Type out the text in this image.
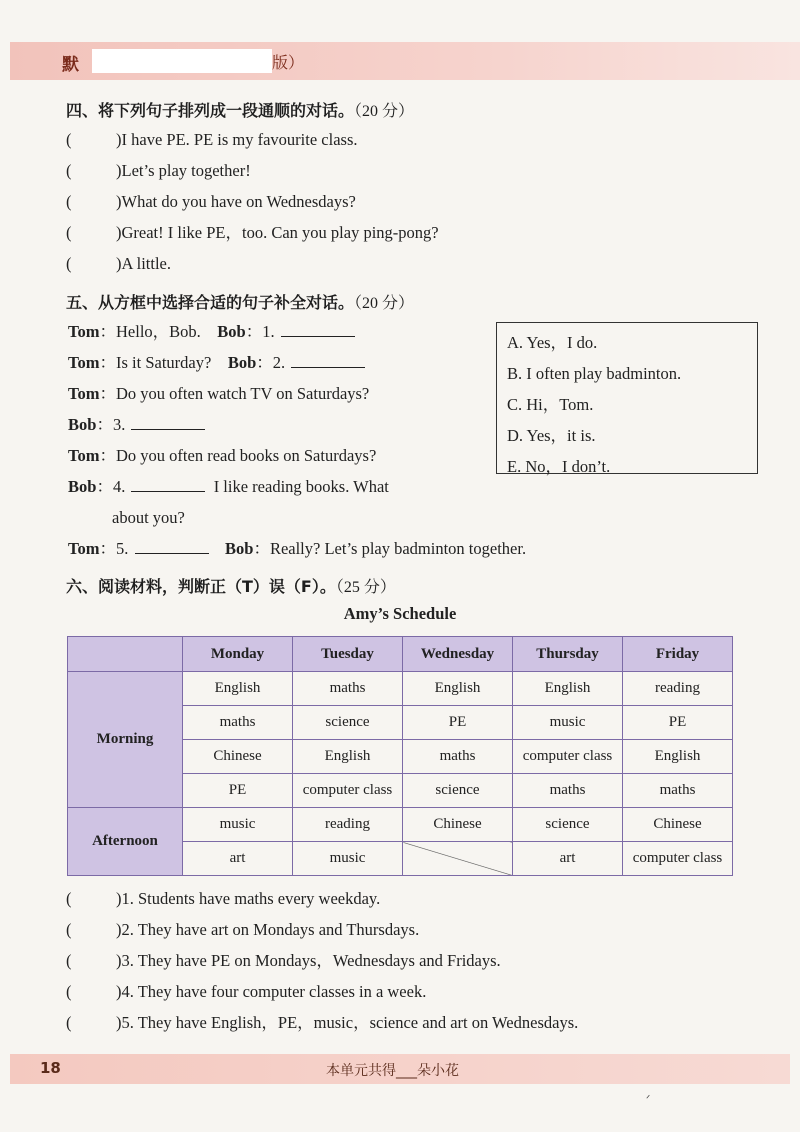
默	版）
四、将下列句子排列成一段通顺的对话。（20 分）
(	)I have PE. PE is my favourite class.
(	)Let’s play together!
(	)What do you have on Wednesdays?
(	)Great! I like PE，too. Can you play ping-pong?
(	)A little.
五、从方框中选择合适的句子补全对话。（20 分）
Tom：Hello，Bob. Bob：1.
Tom：Is it Saturday? Bob：2.
Tom：Do you often watch TV on Saturdays?
Bob：3.
Tom：Do you often read books on Saturdays?
Bob：4.	I like reading books. What
about you?
Tom：5.	Bob：Really? Let’s play badminton together.
A. Yes，I do.
B. I often play badminton.
C. Hi，Tom.
D. Yes，it is.
E. No，I don’t.
六、阅读材料，判断正（T）误（F）。（25 分）
Amy’s Schedule
	Monday	Tuesday	Wednesday	Thursday	Friday
Morning	English	maths	English	English	reading
	maths	science	PE	music	PE
	Chinese	English	maths	computer class	English
	PE	computer class	science	maths	maths
Afternoon	music	reading	Chinese	science	Chinese
	art	music		art	computer class
(	)1. Students have maths every weekday.
(	)2. They have art on Mondays and Thursdays.
(	)3. They have PE on Mondays，Wednesdays and Fridays.
(	)4. They have four computer classes in a week.
(	)5. They have English，PE，music，science and art on Wednesdays.
18	本单元共得___朵小花
ᐟ
